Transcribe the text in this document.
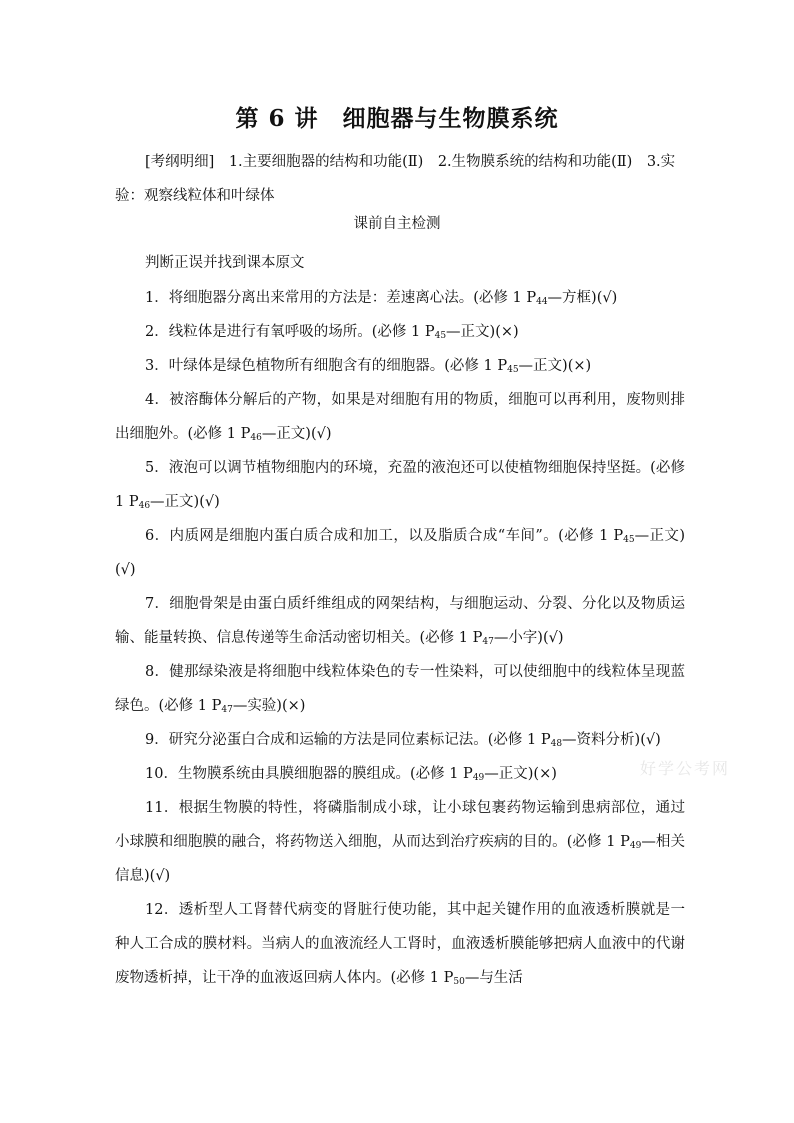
第 6 讲　细胞器与生物膜系统
[考纲明细]　1.主要细胞器的结构和功能(Ⅱ)　2.生物膜系统的结构和功能(Ⅱ)　3.实验：观察线粒体和叶绿体
课前自主检测
判断正误并找到课本原文

1．将细胞器分离出来常用的方法是：差速离心法。(必修 1 $P_{44}—$方框)(√)

2．线粒体是进行有氧呼吸的场所。(必修 1 $P_{45}—$正文)(×)

3．叶绿体是绿色植物所有细胞含有的细胞器。(必修 1 $P_{45}—$正文)(×)

4．被溶酶体分解后的产物，如果是对细胞有用的物质，细胞可以再利用，废物则排出细胞外。(必修 1 $P_{46}—$正文)(√)

5．液泡可以调节植物细胞内的环境，充盈的液泡还可以使植物细胞保持坚挺。(必修 1 $P_{46}—$正文)(√)

6．内质网是细胞内蛋白质合成和加工，以及脂质合成“车间”。(必修 1 $P_{45}—$正文)(√)

7．细胞骨架是由蛋白质纤维组成的网架结构，与细胞运动、分裂、分化以及物质运输、能量转换、信息传递等生命活动密切相关。(必修 1 $P_{47}—$小字)(√)

8．健那绿染液是将细胞中线粒体染色的专一性染料，可以使细胞中的线粒体呈现蓝绿色。(必修 1 $P_{47}—$实验)(×)

9．研究分泌蛋白合成和运输的方法是同位素标记法。(必修 1 $P_{48}—$资料分析)(√)

10．生物膜系统由具膜细胞器的膜组成。(必修 1 $P_{49}—$正文)(×)

11．根据生物膜的特性，将磷脂制成小球，让小球包裹药物运输到患病部位，通过小球膜和细胞膜的融合，将药物送入细胞，从而达到治疗疾病的目的。(必修 1 $P_{49}—$相关信息)(√)

12．透析型人工肾替代病变的肾脏行使功能，其中起关键作用的血液透析膜就是一种人工合成的膜材料。当病人的血液流经人工肾时，血液透析膜能够把病人血液中的代谢废物透析掉，让干净的血液返回病人体内。(必修 1 $P_{50}—$与生活

好学公考网
